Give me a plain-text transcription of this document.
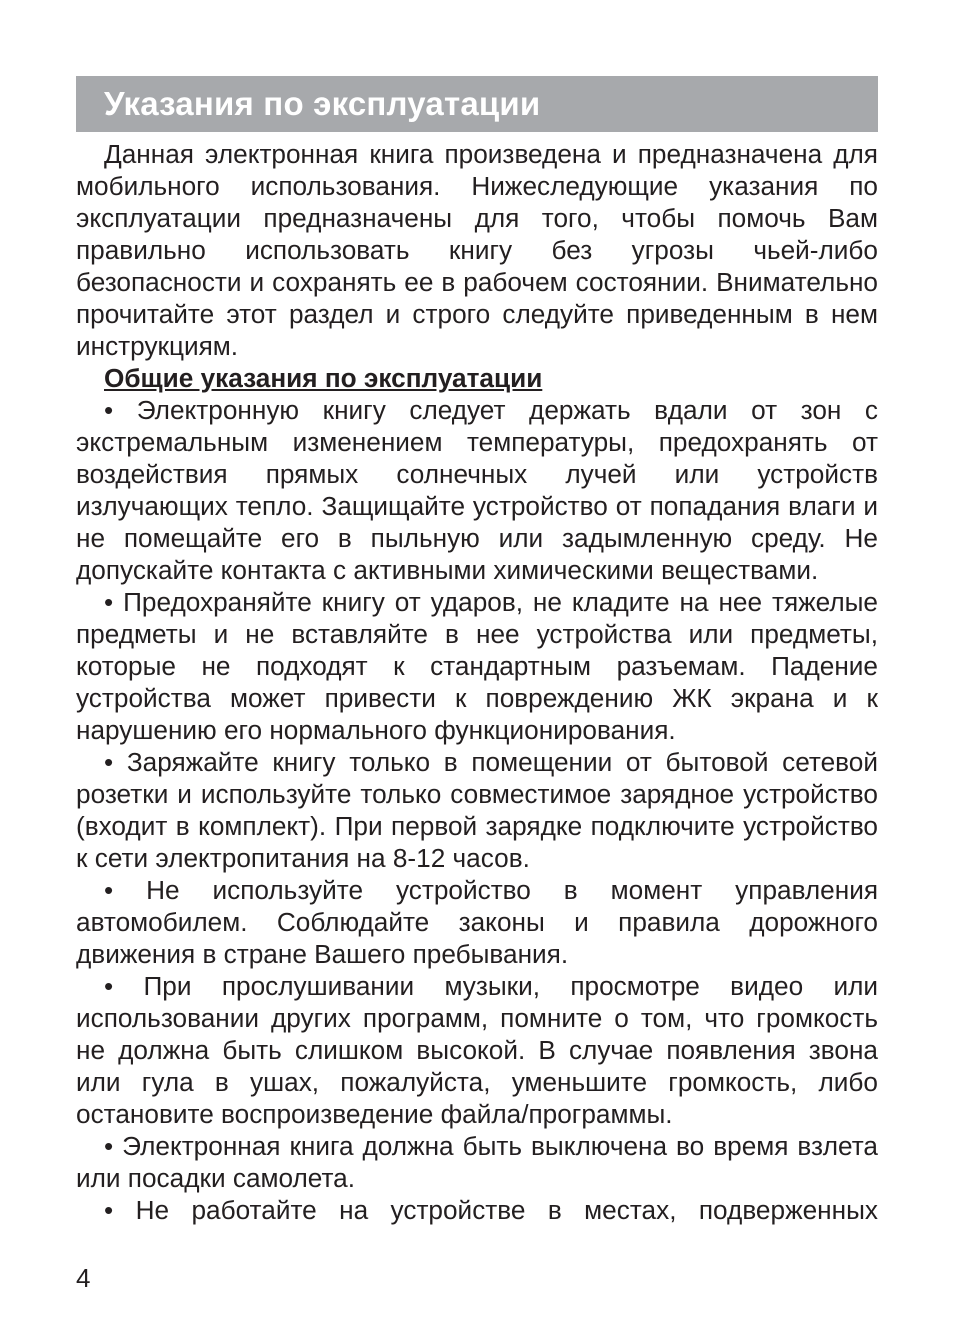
Указания по эксплуатации

Данная электронная книга произведена и предназначена для мобильного использования. Нижеследующие указания по эксплуатации предназначены для того, чтобы помочь Вам правильно использовать книгу без угрозы чьей-либо безопасности и сохранять ее в рабочем состоянии. Внимательно прочитайте этот раздел и строго следуйте приведенным в нем инструкциям.

Общие указания по эксплуатации

• Электронную книгу следует держать вдали от зон с экстремальным изменением температуры, предохранять от воздействия прямых солнечных лучей или устройств излучающих тепло. Защищайте устройство от попадания влаги и не помещайте его в пыльную или задымленную среду. Не допускайте контакта с активными химическими веществами.

• Предохраняйте книгу от ударов, не кладите на нее тяжелые предметы и не вставляйте в нее устройства или предметы, которые не подходят к стандартным разъемам. Падение устройства может привести к повреждению ЖК экрана и к нарушению его нормального функционирования.

• Заряжайте книгу только в помещении от бытовой сетевой розетки и используйте только совместимое зарядное устройство (входит в комплект). При первой зарядке подключите устройство к сети электропитания на 8-12 часов.

• Не используйте устройство в момент управления автомобилем. Соблюдайте законы и правила дорожного движения в стране Вашего пребывания.

• При прослушивании музыки, просмотре видео или использовании других программ, помните о том, что громкость не должна быть слишком высокой. В случае появления звона или гула в ушах, пожалуйста, уменьшите громкость, либо остановите воспроизведение файла/программы.

• Электронная книга должна быть выключена во время взлета или посадки самолета.

• Не работайте на устройстве в местах, подверженных

4
